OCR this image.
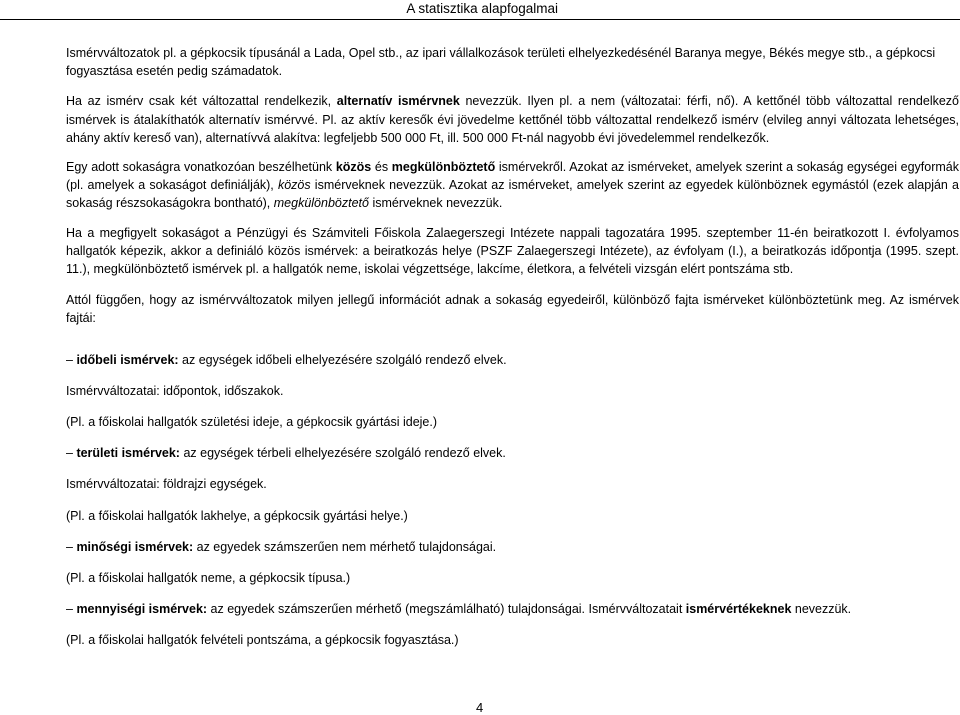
A statisztika alapfogalmai

Ismérvváltozatok pl. a gépkocsik típusánál a Lada, Opel stb., az ipari vállalkozások területi elhelyezkedésénél Baranya megye, Békés megye stb., a gépkocsi fogyasztása esetén pedig számadatok.

Ha az ismérv csak két változattal rendelkezik, alternatív ismérvnek nevezzük. Ilyen pl. a nem (változatai: férfi, nő). A kettőnél több változattal rendelkező ismérvek is átalakíthatók alternatív ismérvvé. Pl. az aktív keresők évi jövedelme kettőnél több változattal rendelkező ismérv (elvileg annyi változata lehetséges, ahány aktív kereső van), alternatívvá alakítva: legfeljebb 500 000 Ft, ill. 500 000 Ft-nál nagyobb évi jövedelemmel rendelkezők.

Egy adott sokaságra vonatkozóan beszélhetünk közös és megkülönböztető ismérvekről. Azokat az ismérveket, amelyek szerint a sokaság egységei egyformák (pl. amelyek a sokaságot definiálják), közös ismérveknek nevezzük. Azokat az ismérveket, amelyek szerint az egyedek különböznek egymástól (ezek alapján a sokaság részsokaságokra bontható), megkülönböztető ismérveknek nevezzük.

Ha a megfigyelt sokaságot a Pénzügyi és Számviteli Főiskola Zalaegerszegi Intézete nappali tagozatára 1995. szeptember 11-én beiratkozott I. évfolyamos hallgatók képezik, akkor a definiáló közös ismérvek: a beiratkozás helye (PSZF Zalaegerszegi Intézete), az évfolyam (I.), a beiratkozás időpontja (1995. szept. 11.), megkülönböztető ismérvek pl. a hallgatók neme, iskolai végzettsége, lakcíme, életkora, a felvételi vizsgán elért pontszáma stb.

Attól függően, hogy az ismérvváltozatok milyen jellegű információt adnak a sokaság egyedeiről, különböző fajta ismérveket különböztetünk meg. Az ismérvek fajtái:

– időbeli ismérvek: az egységek időbeli elhelyezésére szolgáló rendező elvek.

Ismérvváltozatai: időpontok, időszakok.

(Pl. a főiskolai hallgatók születési ideje, a gépkocsik gyártási ideje.)

– területi ismérvek: az egységek térbeli elhelyezésére szolgáló rendező elvek.

Ismérvváltozatai: földrajzi egységek.

(Pl. a főiskolai hallgatók lakhelye, a gépkocsik gyártási helye.)

– minőségi ismérvek: az egyedek számszerűen nem mérhető tulajdonságai.

(Pl. a főiskolai hallgatók neme, a gépkocsik típusa.)

– mennyiségi ismérvek: az egyedek számszerűen mérhető (megszámlálható) tulajdonságai. Ismérvváltozatait ismérvértékeknek nevezzük.

(Pl. a főiskolai hallgatók felvételi pontszáma, a gépkocsik fogyasztása.)

4
